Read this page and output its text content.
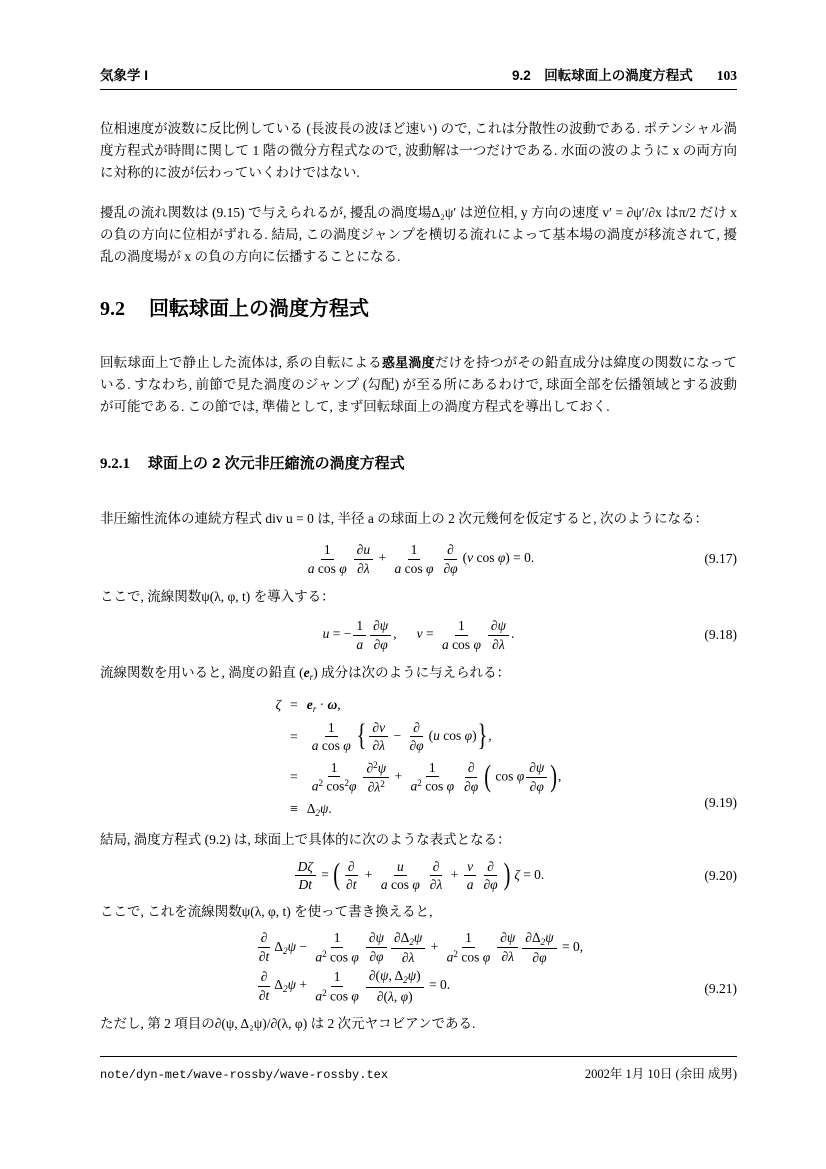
気象学 I	9.2　回転球面上の渦度方程式 103

位相速度が波数に反比例している (長波長の波ほど速い) ので, これは分散性の波動である. ポテンシャル渦度方程式が時間に関して 1 階の微分方程式なので, 波動解は一つだけである. 水面の波のように x の両方向に対称的に波が伝わっていくわけではない.

擾乱の流れ関数は (9.15) で与えられるが, 擾乱の渦度場Δ₂ψ′ は逆位相, y 方向の速度 v′ = ∂ψ′/∂x はπ/2 だけ x の負の方向に位相がずれる. 結局, この渦度ジャンプを横切る流れによって基本場の渦度が移流されて, 擾乱の渦度場が x の負の方向に伝播することになる.

9.2 回転球面上の渦度方程式

回転球面上で静止した流体は, 系の自転による惑星渦度だけを持つがその鉛直成分は緯度の関数になっている. すなわち, 前節で見た渦度のジャンプ (勾配) が至る所にあるわけで, 球面全部を伝播領域とする波動が可能である. この節では, 準備として, まず回転球面上の渦度方程式を導出しておく.

9.2.1 球面上の 2 次元非圧縮流の渦度方程式

非圧縮性流体の連続方程式 div u = 0 は, 半径 a の球面上の 2 次元幾何を仮定すると, 次のようになる：

$\frac{1}{\text{a cos φ}} \frac{\partial u}{\partial\lambda} + \frac{1}{\text{a cos φ}} \frac{\partial}{\partial\varphi} (v$ cos φ) = 0.	(9.17)

ここで, 流線関数ψ(λ, φ, t) を導入する：

u = − $\frac{1}{a} \frac{\partial\psi}{\partial\varphi}$ , $v = \frac{1}{\text{a cos φ}} \frac{\partial\psi}{\partial\lambda}$ .	(9.18)

流線関数を用いると, 渦度の鉛直 $(e_r)$ 成分は次のように与えられる：

ζ	=	$e_r \cdot \omega$,
	=	$\frac{1}{\text{a cos φ}}$ { $\frac{\partial v}{\partial\lambda} - \frac{\partial}{\partial\varphi} (u$ cos φ)},
	=	$\frac{1}{a^2 \cos^2\varphi} \frac{\partial^2\psi}{\partial\lambda^2} + \frac{1}{a^2 \cos \varphi} \frac{\partial}{\partial\varphi}$ ( cos φ $\frac{\partial\psi}{\partial\varphi}$ ),
	≡	$\Delta_2\psi$.	(9.19)

結局, 渦度方程式 (9.2) は, 球面上で具体的に次のような表式となる：

$\frac{D\zeta}{Dt}$ = ( $\frac{\partial}{\partial t} + \frac{u}{\text{a cos φ}} \frac{\partial}{\partial\lambda} + \frac{v}{a} \frac{\partial}{\partial\varphi}$ ) ζ = 0.	(9.20)

ここで, これを流線関数ψ(λ, φ, t) を使って書き換えると,

$\frac{\partial}{\partial t} \Delta_2\psi - \frac{1}{a^2 \cos \varphi} \frac{\partial\psi}{\partial\varphi} \frac{\partial\Delta_2\psi}{\partial\lambda} + \frac{1}{a^2 \cos \varphi} \frac{\partial\psi}{\partial\lambda} \frac{\partial\Delta_2\psi}{\partial\varphi} = 0$,
$\frac{\partial}{\partial t} \Delta_2\psi + \frac{1}{a^2 \cos \varphi} \frac{\partial(\psi, \Delta_2\psi)}{\partial(\lambda, \varphi)} = 0$.	(9.21)

ただし, 第 2 項目の∂(ψ, Δ₂ψ)/∂(λ, φ) は 2 次元ヤコビアンである.

note/dyn-met/wave-rossby/wave-rossby.tex	2002年 1月 10日 (余田 成男)
